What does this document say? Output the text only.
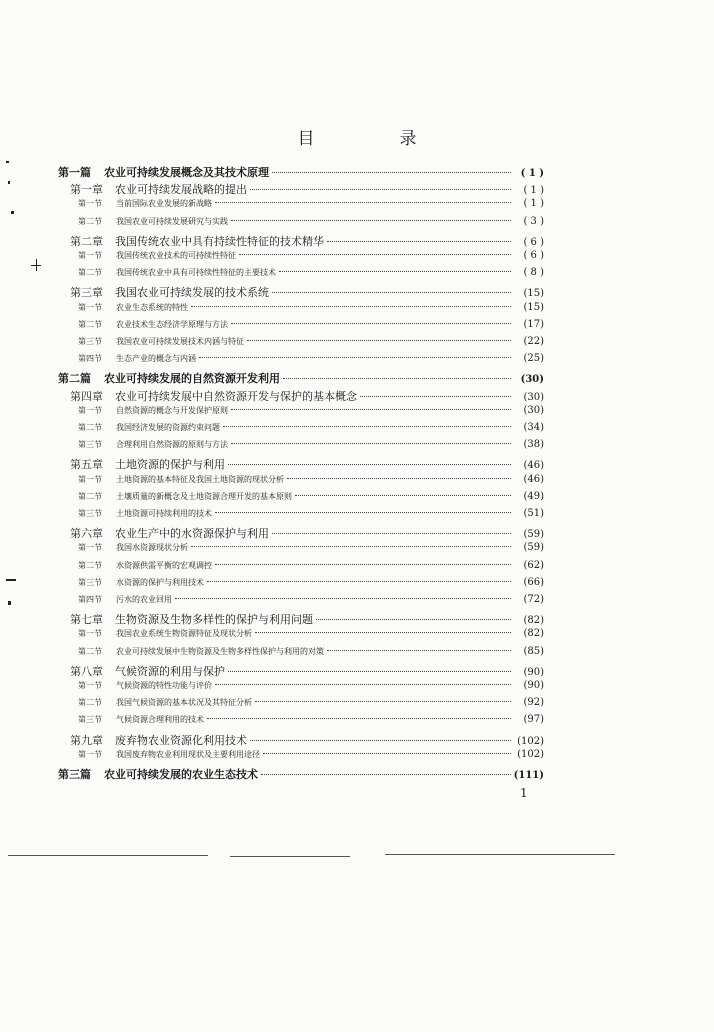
目　录
第一篇	农业可持续发展概念及其技术原理	( 1 )
第一章	农业可持续发展战略的提出	( 1 )
第一节	当前国际农业发展的新战略	( 1 )
第二节	我国农业可持续发展研究与实践	( 3 )
第二章	我国传统农业中具有持续性特征的技术精华	( 6 )
第一节	我国传统农业技术的可持续性特征	( 6 )
第二节	我国传统农业中具有可持续性特征的主要技术	( 8 )
第三章	我国农业可持续发展的技术系统	(15)
第一节	农业生态系统的特性	(15)
第二节	农业技术生态经济学原理与方法	(17)
第三节	我国农业可持续发展技术内涵与特征	(22)
第四节	生态产业的概念与内涵	(25)
第二篇	农业可持续发展的自然资源开发利用	(30)
第四章	农业可持续发展中自然资源开发与保护的基本概念	(30)
第一节	自然资源的概念与开发保护原则	(30)
第二节	我国经济发展的资源约束问题	(34)
第三节	合理利用自然资源的原则与方法	(38)
第五章	土地资源的保护与利用	(46)
第一节	土地资源的基本特征及我国土地资源的现状分析	(46)
第二节	土壤质量的新概念及土地资源合理开发的基本原则	(49)
第三节	土地资源可持续利用的技术	(51)
第六章	农业生产中的水资源保护与利用	(59)
第一节	我国水资源现状分析	(59)
第二节	水资源供需平衡的宏观调控	(62)
第三节	水资源的保护与利用技术	(66)
第四节	污水的农业回用	(72)
第七章	生物资源及生物多样性的保护与利用问题	(82)
第一节	我国农业系统生物资源特征及现状分析	(82)
第二节	农业可持续发展中生物资源及生物多样性保护与利用的对策	(85)
第八章	气候资源的利用与保护	(90)
第一节	气候资源的特性功能与评价	(90)
第二节	我国气候资源的基本状况及其特征分析	(92)
第三节	气候资源合理利用的技术	(97)
第九章	废弃物农业资源化利用技术	(102)
第一节	我国废弃物农业利用现状及主要利用途径	(102)
第三篇	农业可持续发展的农业生态技术	(111)
1
